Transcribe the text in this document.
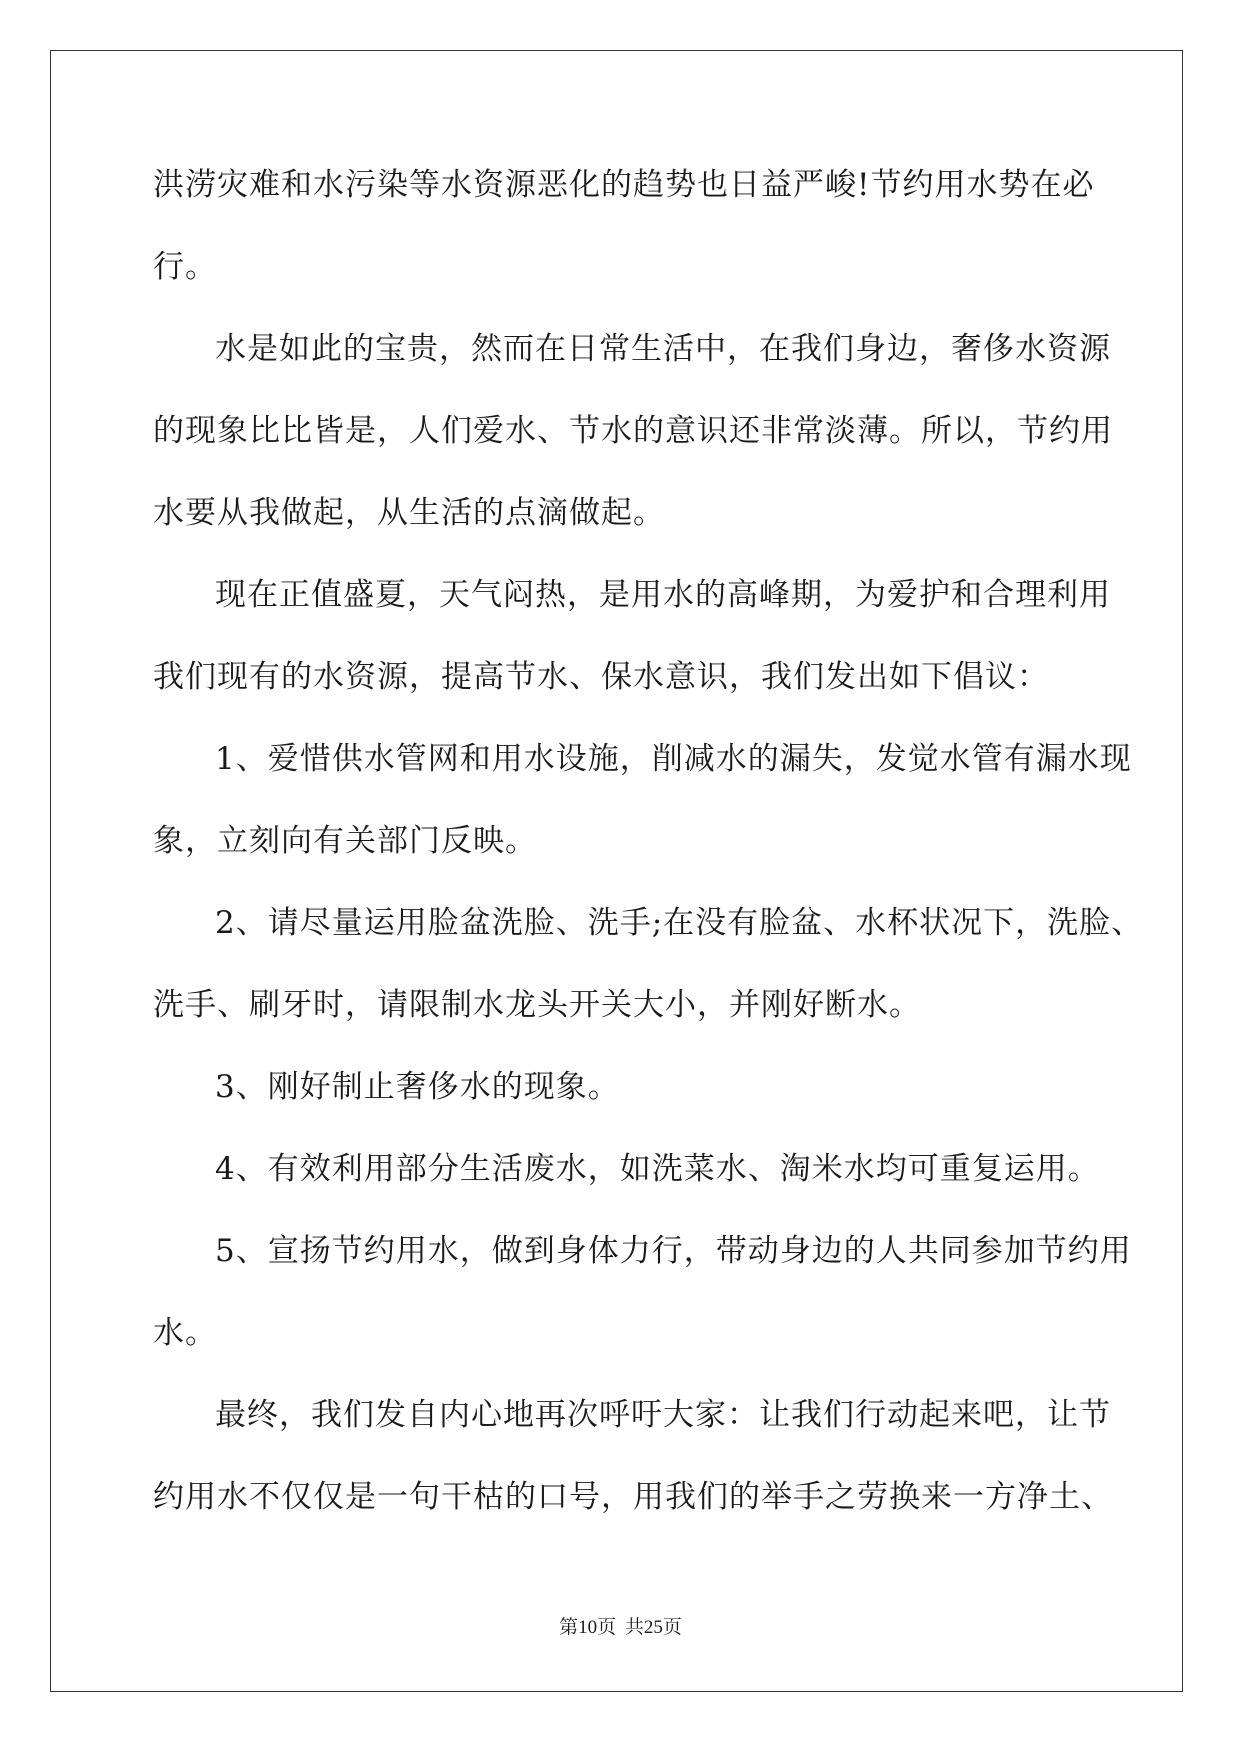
洪涝灾难和水污染等水资源恶化的趋势也日益严峻!节约用水势在必
行。
水是如此的宝贵，然而在日常生活中，在我们身边，奢侈水资源
的现象比比皆是，人们爱水、节水的意识还非常淡薄。所以，节约用
水要从我做起，从生活的点滴做起。
现在正值盛夏，天气闷热，是用水的高峰期，为爱护和合理利用
我们现有的水资源，提高节水、保水意识，我们发出如下倡议：
1、爱惜供水管网和用水设施，削减水的漏失，发觉水管有漏水现
象，立刻向有关部门反映。
2、请尽量运用脸盆洗脸、洗手;在没有脸盆、水杯状况下，洗脸、
洗手、刷牙时，请限制水龙头开关大小，并刚好断水。
3、刚好制止奢侈水的现象。
4、有效利用部分生活废水，如洗菜水、淘米水均可重复运用。
5、宣扬节约用水，做到身体力行，带动身边的人共同参加节约用
水。
最终，我们发自内心地再次呼吁大家：让我们行动起来吧，让节
约用水不仅仅是一句干枯的口号，用我们的举手之劳换来一方净土、
第10页 共25页
